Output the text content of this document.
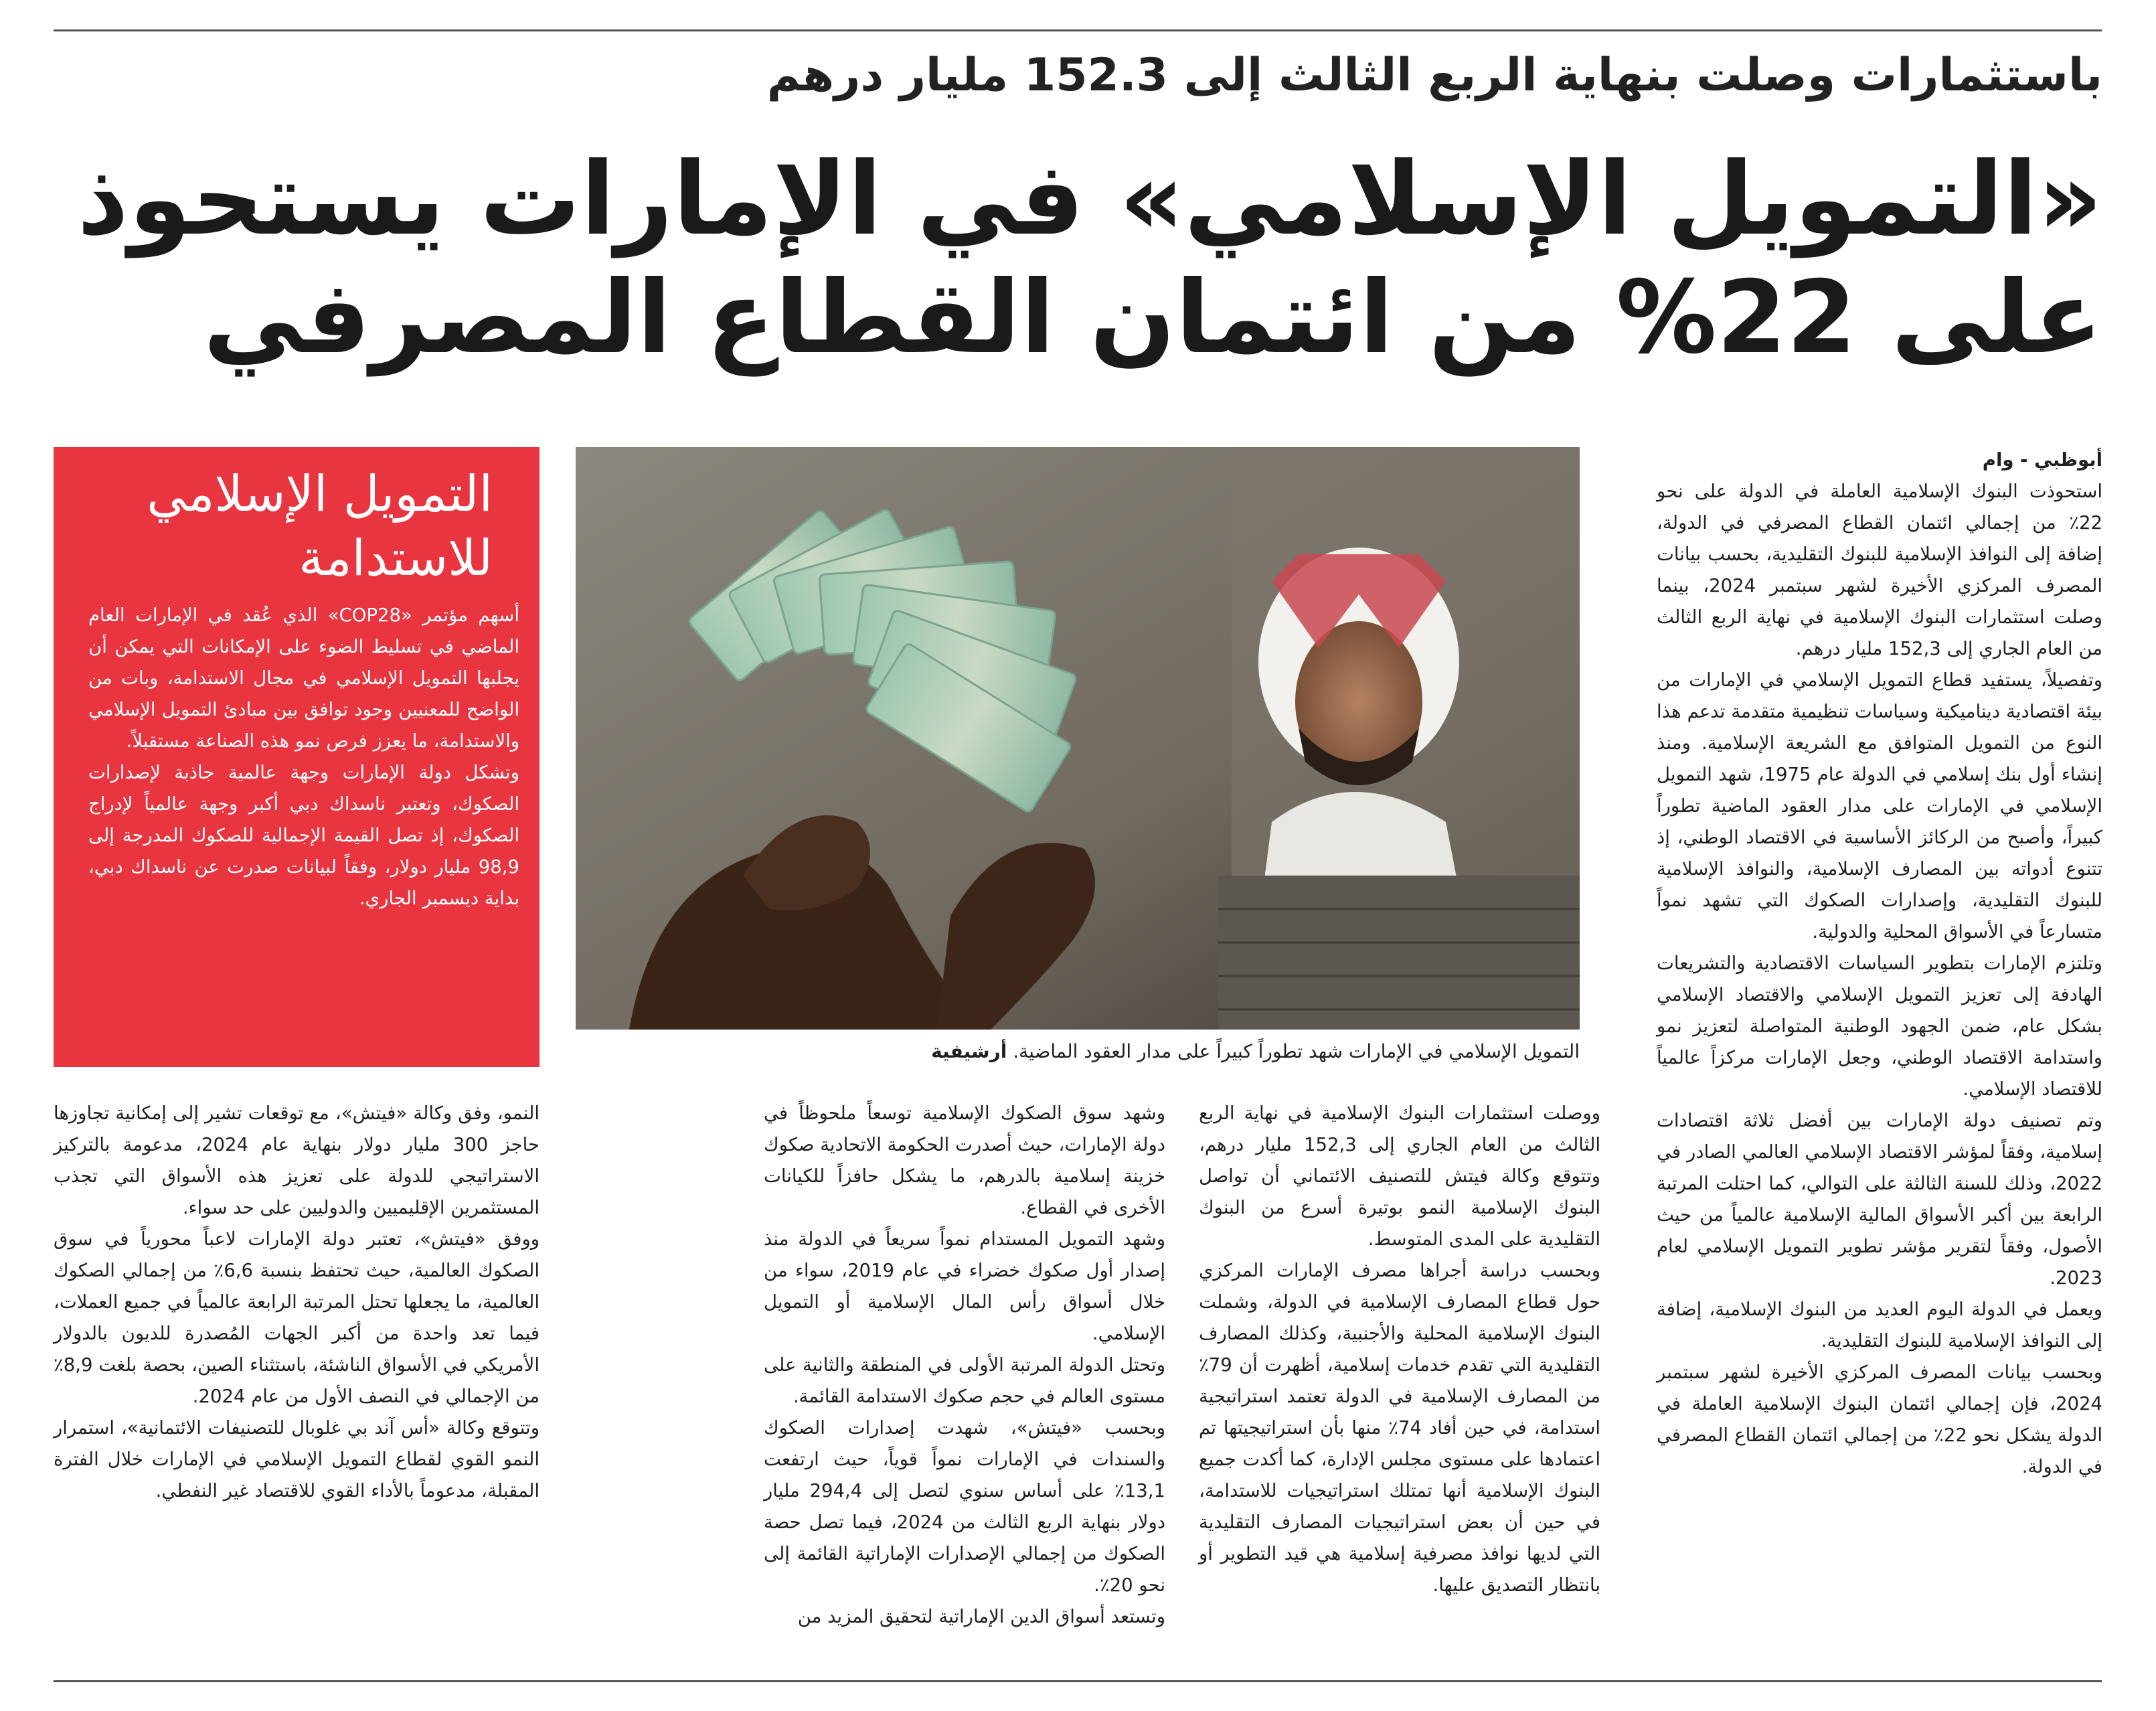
باستثمارات وصلت بنهاية الربع الثالث إلى 152.3 مليار درهم
«التمويل الإسلامي» في الإمارات يستحوذ
على 22% من ائتمان القطاع المصرفي

أبوظبي - وام

استحوذت البنوك الإسلامية العاملة في الدولة على نحو 22٪ من إجمالي ائتمان القطاع المصرفي في الدولة، إضافة إلى النوافذ الإسلامية للبنوك التقليدية، بحسب بيانات المصرف المركزي الأخيرة لشهر سبتمبر 2024، بينما وصلت استثمارات البنوك الإسلامية في نهاية الربع الثالث من العام الجاري إلى 152,3 مليار درهم.

وتفصيلاً، يستفيد قطاع التمويل الإسلامي في الإمارات من بيئة اقتصادية ديناميكية وسياسات تنظيمية متقدمة تدعم هذا النوع من التمويل المتوافق مع الشريعة الإسلامية. ومنذ إنشاء أول بنك إسلامي في الدولة عام 1975، شهد التمويل الإسلامي في الإمارات على مدار العقود الماضية تطوراً كبيراً، وأصبح من الركائز الأساسية في الاقتصاد الوطني، إذ تتنوع أدواته بين المصارف الإسلامية، والنوافذ الإسلامية للبنوك التقليدية، وإصدارات الصكوك التي تشهد نمواً متسارعاً في الأسواق المحلية والدولية.

وتلتزم الإمارات بتطوير السياسات الاقتصادية والتشريعات الهادفة إلى تعزيز التمويل الإسلامي والاقتصاد الإسلامي بشكل عام، ضمن الجهود الوطنية المتواصلة لتعزيز نمو واستدامة الاقتصاد الوطني، وجعل الإمارات مركزاً عالمياً للاقتصاد الإسلامي.

وتم تصنيف دولة الإمارات بين أفضل ثلاثة اقتصادات إسلامية، وفقاً لمؤشر الاقتصاد الإسلامي العالمي الصادر في 2022، وذلك للسنة الثالثة على التوالي، كما احتلت المرتبة الرابعة بين أكبر الأسواق المالية الإسلامية عالمياً من حيث الأصول، وفقاً لتقرير مؤشر تطوير التمويل الإسلامي لعام 2023.

ويعمل في الدولة اليوم العديد من البنوك الإسلامية، إضافة إلى النوافذ الإسلامية للبنوك التقليدية.

وبحسب بيانات المصرف المركزي الأخيرة لشهر سبتمبر 2024، فإن إجمالي ائتمان البنوك الإسلامية العاملة في الدولة يشكل نحو 22٪ من إجمالي ائتمان القطاع المصرفي في الدولة.

التمويل الإسلامي في الإمارات شهد تطوراً كبيراً على مدار العقود الماضية. أرشيفية
التمويل الإسلامي
للاستدامة

أسهم مؤتمر «COP28» الذي عُقد في الإمارات العام الماضي في تسليط الضوء على الإمكانات التي يمكن أن يجلبها التمويل الإسلامي في مجال الاستدامة، وبات من الواضح للمعنيين وجود توافق بين مبادئ التمويل الإسلامي والاستدامة، ما يعزز فرص نمو هذه الصناعة مستقبلاً.

وتشكل دولة الإمارات وجهة عالمية جاذبة لإصدارات الصكوك، وتعتبر ناسداك دبي أكبر وجهة عالمياً لإدراج الصكوك، إذ تصل القيمة الإجمالية للصكوك المدرجة إلى 98,9 مليار دولار، وفقاً لبيانات صدرت عن ناسداك دبي، بداية ديسمبر الجاري.

ووصلت استثمارات البنوك الإسلامية في نهاية الربع الثالث من العام الجاري إلى 152,3 مليار درهم، وتتوقع وكالة فيتش للتصنيف الائتماني أن تواصل البنوك الإسلامية النمو بوتيرة أسرع من البنوك التقليدية على المدى المتوسط.

وبحسب دراسة أجراها مصرف الإمارات المركزي حول قطاع المصارف الإسلامية في الدولة، وشملت البنوك الإسلامية المحلية والأجنبية، وكذلك المصارف التقليدية التي تقدم خدمات إسلامية، أظهرت أن 79٪ من المصارف الإسلامية في الدولة تعتمد استراتيجية استدامة، في حين أفاد 74٪ منها بأن استراتيجيتها تم اعتمادها على مستوى مجلس الإدارة، كما أكدت جميع البنوك الإسلامية أنها تمتلك استراتيجيات للاستدامة، في حين أن بعض استراتيجيات المصارف التقليدية التي لديها نوافذ مصرفية إسلامية هي قيد التطوير أو بانتظار التصديق عليها.

وشهد سوق الصكوك الإسلامية توسعاً ملحوظاً في دولة الإمارات، حيث أصدرت الحكومة الاتحادية صكوك خزينة إسلامية بالدرهم، ما يشكل حافزاً للكيانات الأخرى في القطاع.

وشهد التمويل المستدام نمواً سريعاً في الدولة منذ إصدار أول صكوك خضراء في عام 2019، سواء من خلال أسواق رأس المال الإسلامية أو التمويل الإسلامي.

وتحتل الدولة المرتبة الأولى في المنطقة والثانية على مستوى العالم في حجم صكوك الاستدامة القائمة.

وبحسب «فيتش»، شهدت إصدارات الصكوك والسندات في الإمارات نمواً قوياً، حيث ارتفعت 13,1٪ على أساس سنوي لتصل إلى 294,4 مليار دولار بنهاية الربع الثالث من 2024، فيما تصل حصة الصكوك من إجمالي الإصدارات الإماراتية القائمة إلى نحو 20٪.

وتستعد أسواق الدين الإماراتية لتحقيق المزيد من

النمو، وفق وكالة «فيتش»، مع توقعات تشير إلى إمكانية تجاوزها حاجز 300 مليار دولار بنهاية عام 2024، مدعومة بالتركيز الاستراتيجي للدولة على تعزيز هذه الأسواق التي تجذب المستثمرين الإقليميين والدوليين على حد سواء.

ووفق «فيتش»، تعتبر دولة الإمارات لاعباً محورياً في سوق الصكوك العالمية، حيث تحتفظ بنسبة 6,6٪ من إجمالي الصكوك العالمية، ما يجعلها تحتل المرتبة الرابعة عالمياً في جميع العملات، فيما تعد واحدة من أكبر الجهات المُصدرة للديون بالدولار الأمريكي في الأسواق الناشئة، باستثناء الصين، بحصة بلغت 8,9٪ من الإجمالي في النصف الأول من عام 2024.

وتتوقع وكالة «أس آند بي غلوبال للتصنيفات الائتمانية»، استمرار النمو القوي لقطاع التمويل الإسلامي في الإمارات خلال الفترة المقبلة، مدعوماً بالأداء القوي للاقتصاد غير النفطي.
